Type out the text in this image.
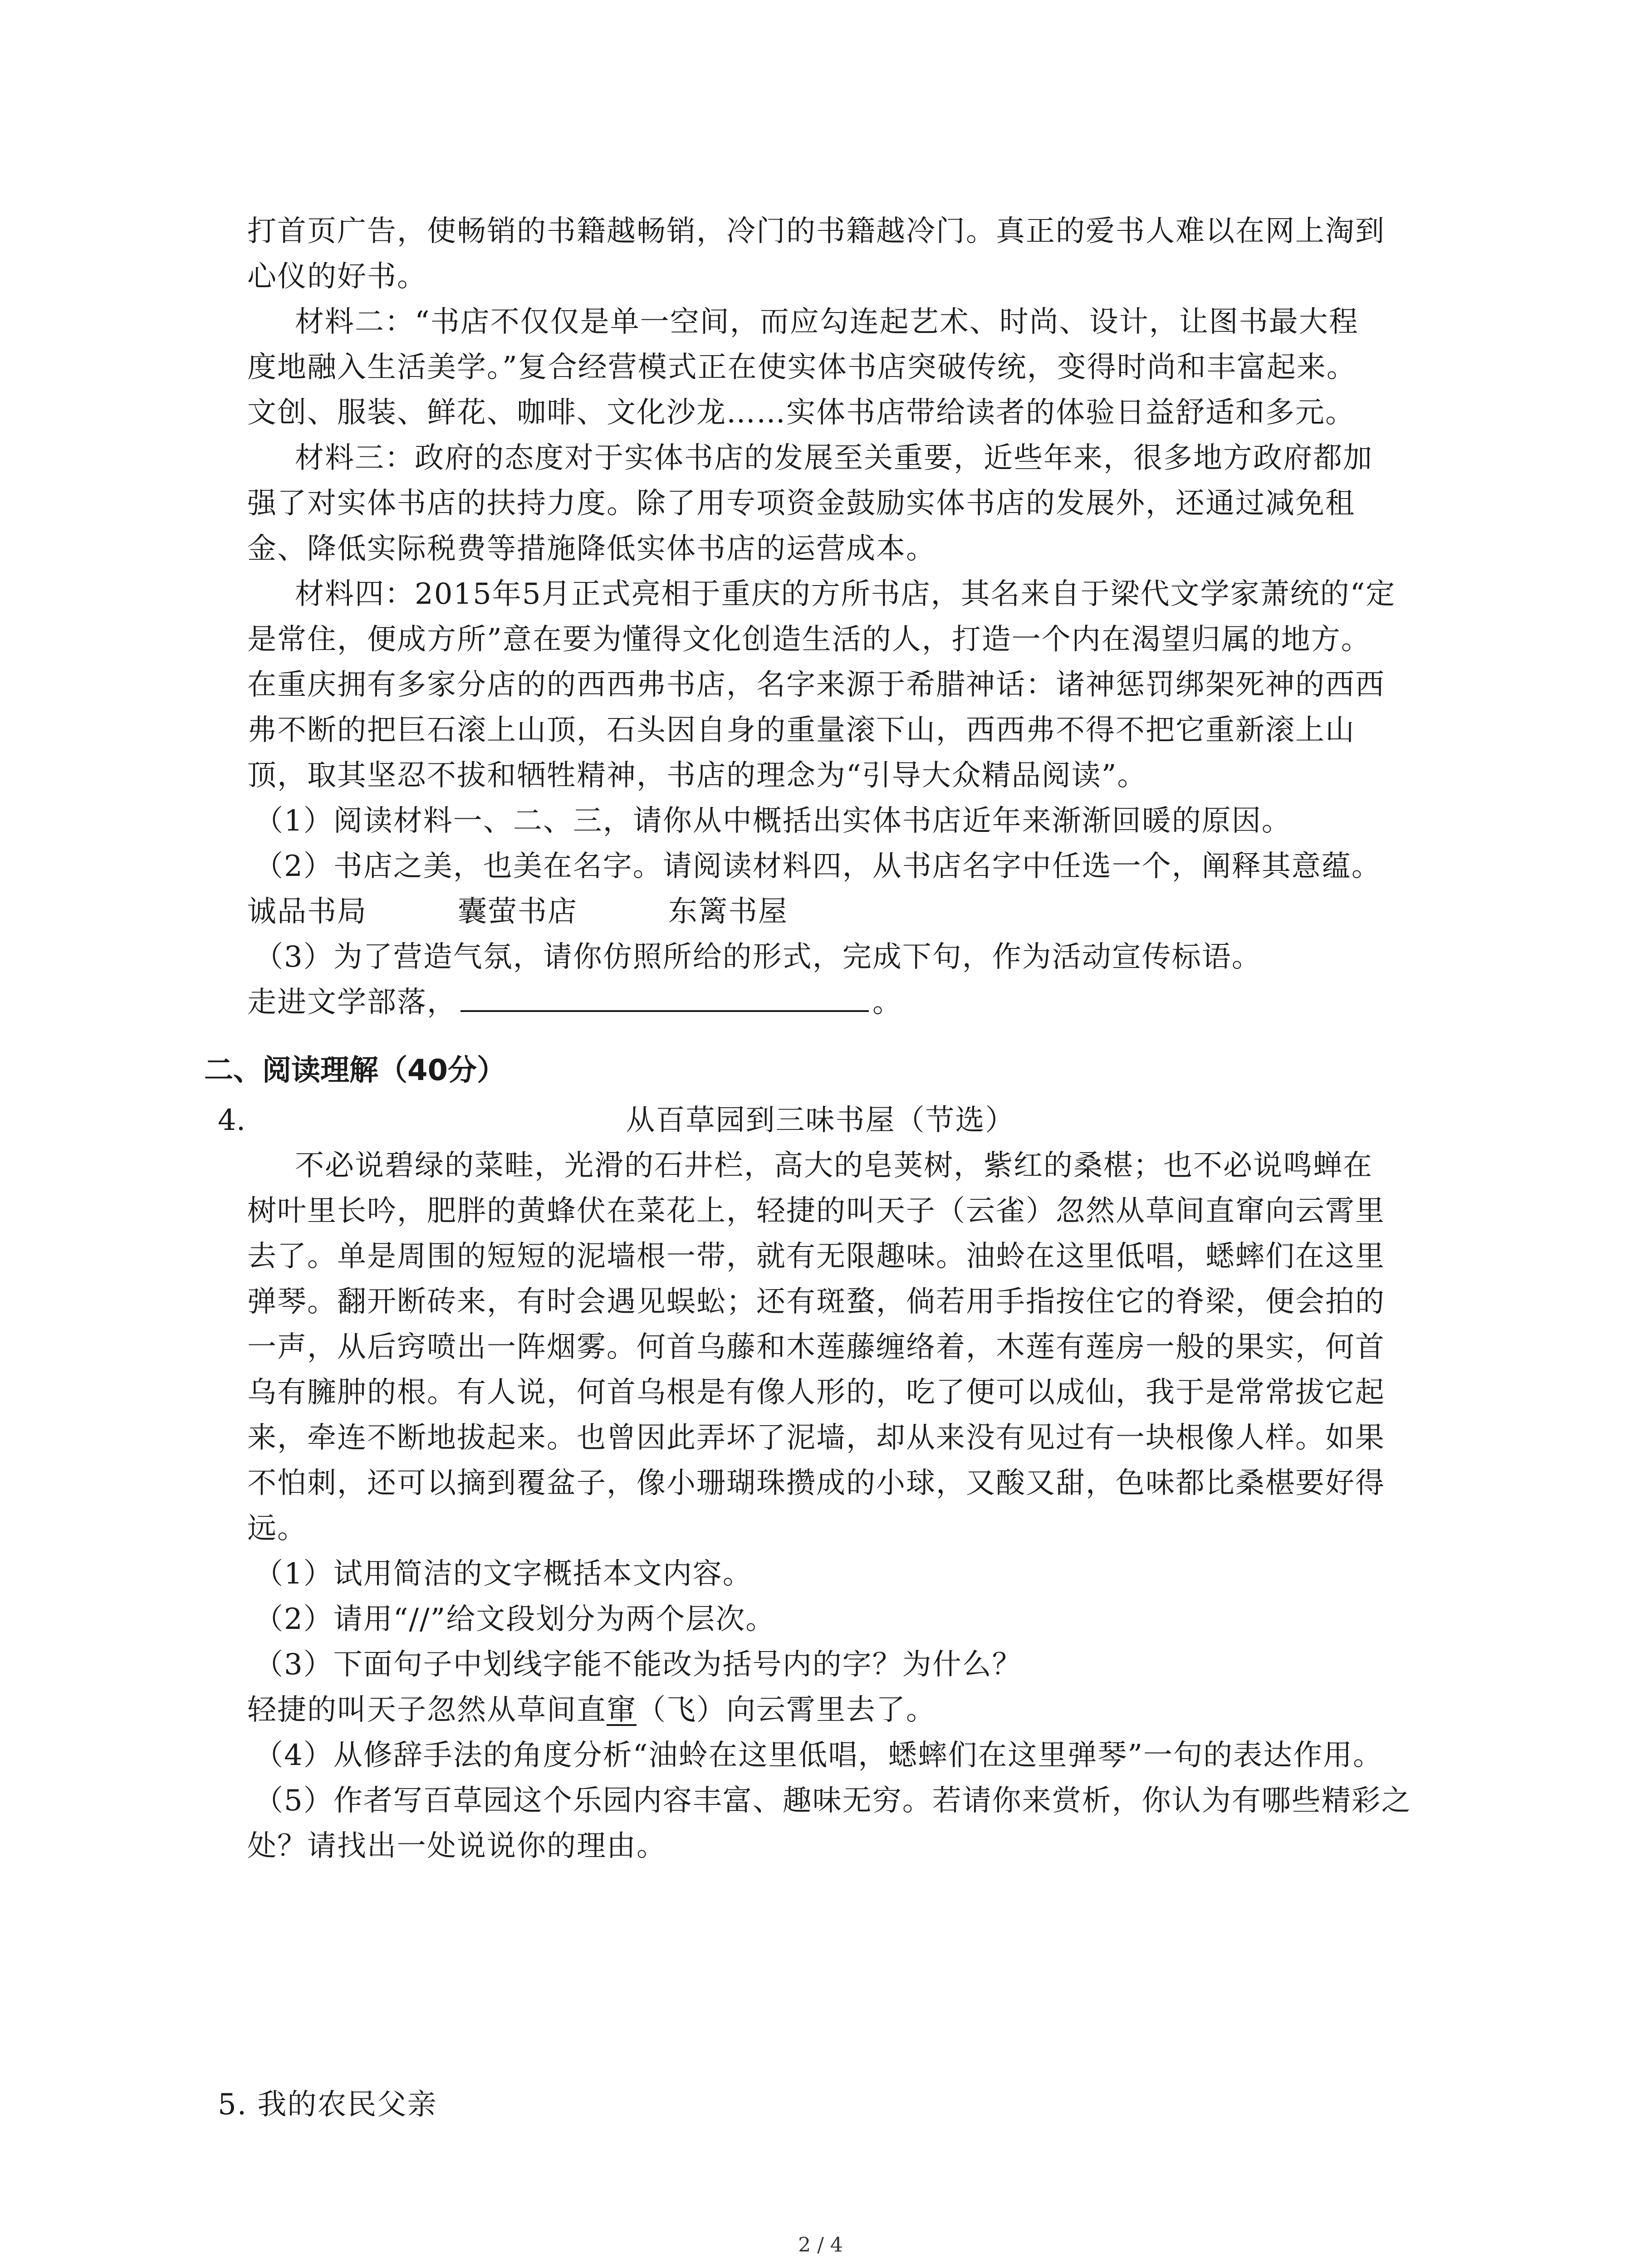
打首页广告，使畅销的书籍越畅销，冷门的书籍越冷门。真正的爱书人难以在网上淘到
心仪的好书。
材料二：“书店不仅仅是单一空间，而应勾连起艺术、时尚、设计，让图书最大程
度地融入生活美学。”复合经营模式正在使实体书店突破传统，变得时尚和丰富起来。
文创、服装、鲜花、咖啡、文化沙龙……实体书店带给读者的体验日益舒适和多元。
材料三：政府的态度对于实体书店的发展至关重要，近些年来，很多地方政府都加
强了对实体书店的扶持力度。除了用专项资金鼓励实体书店的发展外，还通过减免租
金、降低实际税费等措施降低实体书店的运营成本。
材料四：2015年5月正式亮相于重庆的方所书店，其名来自于梁代文学家萧统的“定
是常住，便成方所”意在要为懂得文化创造生活的人，打造一个内在渴望归属的地方。
在重庆拥有多家分店的的西西弗书店，名字来源于希腊神话：诸神惩罚绑架死神的西西
弗不断的把巨石滚上山顶，石头因自身的重量滚下山，西西弗不得不把它重新滚上山
顶，取其坚忍不拔和牺牲精神，书店的理念为“引导大众精品阅读”。
（1）阅读材料一、二、三，请你从中概括出实体书店近年来渐渐回暖的原因。
（2）书店之美，也美在名字。请阅读材料四，从书店名字中任选一个，阐释其意蕴。
诚品书局	囊萤书店	东篱书屋
（3）为了营造气氛，请你仿照所给的形式，完成下句，作为活动宣传标语。
走进文学部落，	。
二、阅读理解（40分）
4.	从百草园到三味书屋（节选）
不必说碧绿的菜畦，光滑的石井栏，高大的皂荚树，紫红的桑椹；也不必说鸣蝉在
树叶里长吟，肥胖的黄蜂伏在菜花上，轻捷的叫天子（云雀）忽然从草间直窜向云霄里
去了。单是周围的短短的泥墙根一带，就有无限趣味。油蛉在这里低唱，蟋蟀们在这里
弹琴。翻开断砖来，有时会遇见蜈蚣；还有斑蝥，倘若用手指按住它的脊梁，便会拍的
一声，从后窍喷出一阵烟雾。何首乌藤和木莲藤缠络着，木莲有莲房一般的果实，何首
乌有臃肿的根。有人说，何首乌根是有像人形的，吃了便可以成仙，我于是常常拔它起
来，牵连不断地拔起来。也曾因此弄坏了泥墙，却从来没有见过有一块根像人样。如果
不怕刺，还可以摘到覆盆子，像小珊瑚珠攒成的小球，又酸又甜，色味都比桑椹要好得
远。
（1）试用简洁的文字概括本文内容。
（2）请用“//”给文段划分为两个层次。
（3）下面句子中划线字能不能改为括号内的字？为什么？
轻捷的叫天子忽然从草间直窜（飞）向云霄里去了。
（4）从修辞手法的角度分析“油蛉在这里低唱，蟋蟀们在这里弹琴”一句的表达作用。
（5）作者写百草园这个乐园内容丰富、趣味无穷。若请你来赏析，你认为有哪些精彩之
处？请找出一处说说你的理由。
5. 我的农民父亲
2 / 4
